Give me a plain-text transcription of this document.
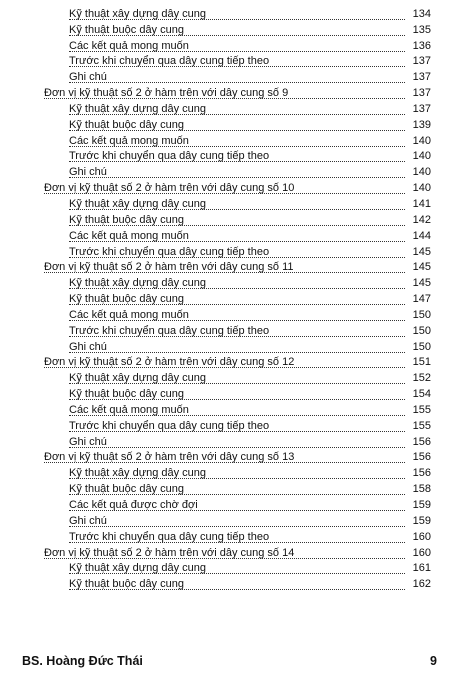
Kỹ thuật xây dựng dây cung	134
Kỹ thuật buộc dây cung	135
Các kết quả mong muốn	136
Trước khi chuyển qua dây cung tiếp theo	137
Ghi chú	137
Đơn vị kỹ thuật số 2 ở hàm trên với dây cung số 9	137
Kỹ thuật xây dựng dây cung	137
Kỹ thuật buộc dây cung	139
Các kết quả mong muốn	140
Trước khi chuyển qua dây cung tiếp theo	140
Ghi chú	140
Đơn vị kỹ thuật số 2 ở hàm trên với dây cung số 10	140
Kỹ thuật xây dựng dây cung	141
Kỹ thuật buộc dây cung	142
Các kết quả mong muốn	144
Trước khi chuyển qua dây cung tiếp theo	145
Đơn vị kỹ thuật số 2 ở hàm trên với dây cung số 11	145
Kỹ thuật xây dựng dây cung	145
Kỹ thuật buộc dây cung	147
Các kết quả mong muốn	150
Trước khi chuyển qua dây cung tiếp theo	150
Ghi chú	150
Đơn vị kỹ thuật số 2 ở hàm trên với dây cung số 12	151
Kỹ thuật xây dựng dây cung	152
Kỹ thuật buộc dây cung	154
Các kết quả mong muốn	155
Trước khi chuyển qua dây cung tiếp theo	155
Ghi chú	156
Đơn vị kỹ thuật số 2 ở hàm trên với dây cung số 13	156
Kỹ thuật xây dựng dây cung	156
Kỹ thuật buộc dây cung	158
Các kết quả được chờ đợi	159
Ghi chú	159
Trước khi chuyển qua dây cung tiếp theo	160
Đơn vị kỹ thuật số 2 ở hàm trên với dây cung số 14	160
Kỹ thuật xây dựng dây cung	161
Kỹ thuật buộc dây cung	162
BS. Hoàng Đức Thái	9
